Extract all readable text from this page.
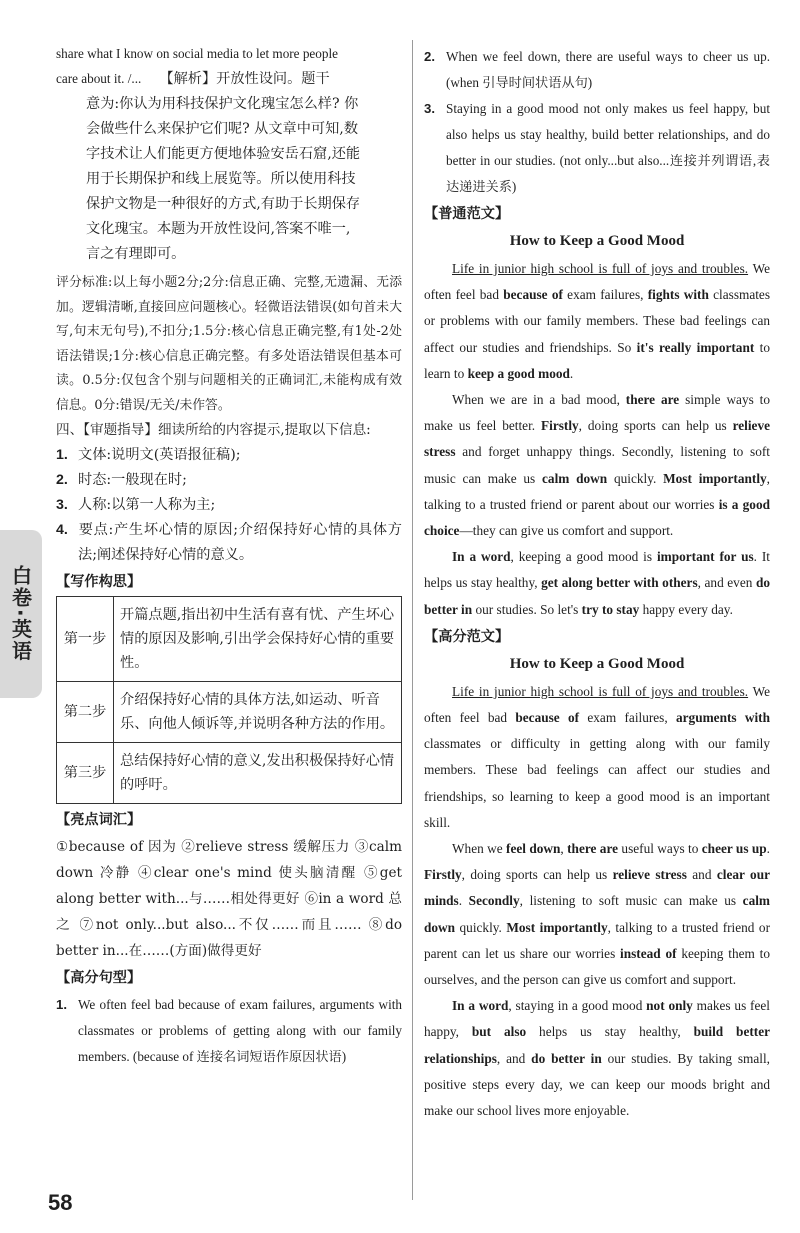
白卷·英语

share what I know on social media to let more people

care about it. /... 【解析】开放性设问。题干

意为:你认为用科技保护文化瑰宝怎么样? 你

会做些什么来保护它们呢? 从文章中可知,数

字技术让人们能更方便地体验安岳石窟,还能

用于长期保护和线上展览等。所以使用科技

保护文物是一种很好的方式,有助于长期保存

文化瑰宝。本题为开放性设问,答案不唯一,

言之有理即可。

评分标准:以上每小题2分;2分:信息正确、完整,无遗漏、无添加。逻辑清晰,直接回应问题核心。轻微语法错误(如句首未大写,句末无句号),不扣分;1.5分:核心信息正确完整,有1处-2处语法错误;1分:核心信息正确完整。有多处语法错误但基本可读。0.5分:仅包含个别与问题相关的正确词汇,未能构成有效信息。0分:错误/无关/未作答。

四、【审题指导】细读所给的内容提示,提取以下信息:

1. 文体:说明文(英语报征稿);

2. 时态:一般现在时;

3. 人称:以第一人称为主;

4. 要点:产生坏心情的原因;介绍保持好心情的具体方法;阐述保持好心情的意义。

【写作构思】

第一步	开篇点题,指出初中生活有喜有忧、产生坏心情的原因及影响,引出学会保持好心情的重要性。
第二步	介绍保持好心情的具体方法,如运动、听音乐、向他人倾诉等,并说明各种方法的作用。
第三步	总结保持好心情的意义,发出积极保持好心情的呼吁。

【亮点词汇】

①because of 因为 ②relieve stress 缓解压力 ③calm down 冷静 ④clear one's mind 使头脑清醒 ⑤get along better with...与……相处得更好 ⑥in a word 总之 ⑦not only...but also...不仅……而且…… ⑧do better in...在……(方面)做得更好

【高分句型】

1. We often feel bad because of exam failures, arguments with classmates or problems of getting along with our family members. (because of 连接名词短语作原因状语)

2. When we feel down, there are useful ways to cheer us up. (when 引导时间状语从句)

3. Staying in a good mood not only makes us feel happy, but also helps us stay healthy, build better relationships, and do better in our studies. (not only...but also...连接并列谓语,表达递进关系)

【普通范文】

How to Keep a Good Mood

Life in junior high school is full of joys and troubles. We often feel bad because of exam failures, fights with classmates or problems with our family members. These bad feelings can affect our studies and friendships. So it's really important to learn to keep a good mood.

When we are in a bad mood, there are simple ways to make us feel better. Firstly, doing sports can help us relieve stress and forget unhappy things. Secondly, listening to soft music can make us calm down quickly. Most importantly, talking to a trusted friend or parent about our worries is a good choice—they can give us comfort and support.

In a word, keeping a good mood is important for us. It helps us stay healthy, get along better with others, and even do better in our studies. So let's try to stay happy every day.

【高分范文】

How to Keep a Good Mood

Life in junior high school is full of joys and troubles. We often feel bad because of exam failures, arguments with classmates or difficulty in getting along with our family members. These bad feelings can affect our studies and friendships, so learning to keep a good mood is an important skill.

When we feel down, there are useful ways to cheer us up. Firstly, doing sports can help us relieve stress and clear our minds. Secondly, listening to soft music can make us calm down quickly. Most importantly, talking to a trusted friend or parent can let us share our worries instead of keeping them to ourselves, and the person can give us comfort and support.

In a word, staying in a good mood not only makes us feel happy, but also helps us stay healthy, build better relationships, and do better in our studies. By taking small, positive steps every day, we can keep our moods bright and make our school lives more enjoyable.

58
